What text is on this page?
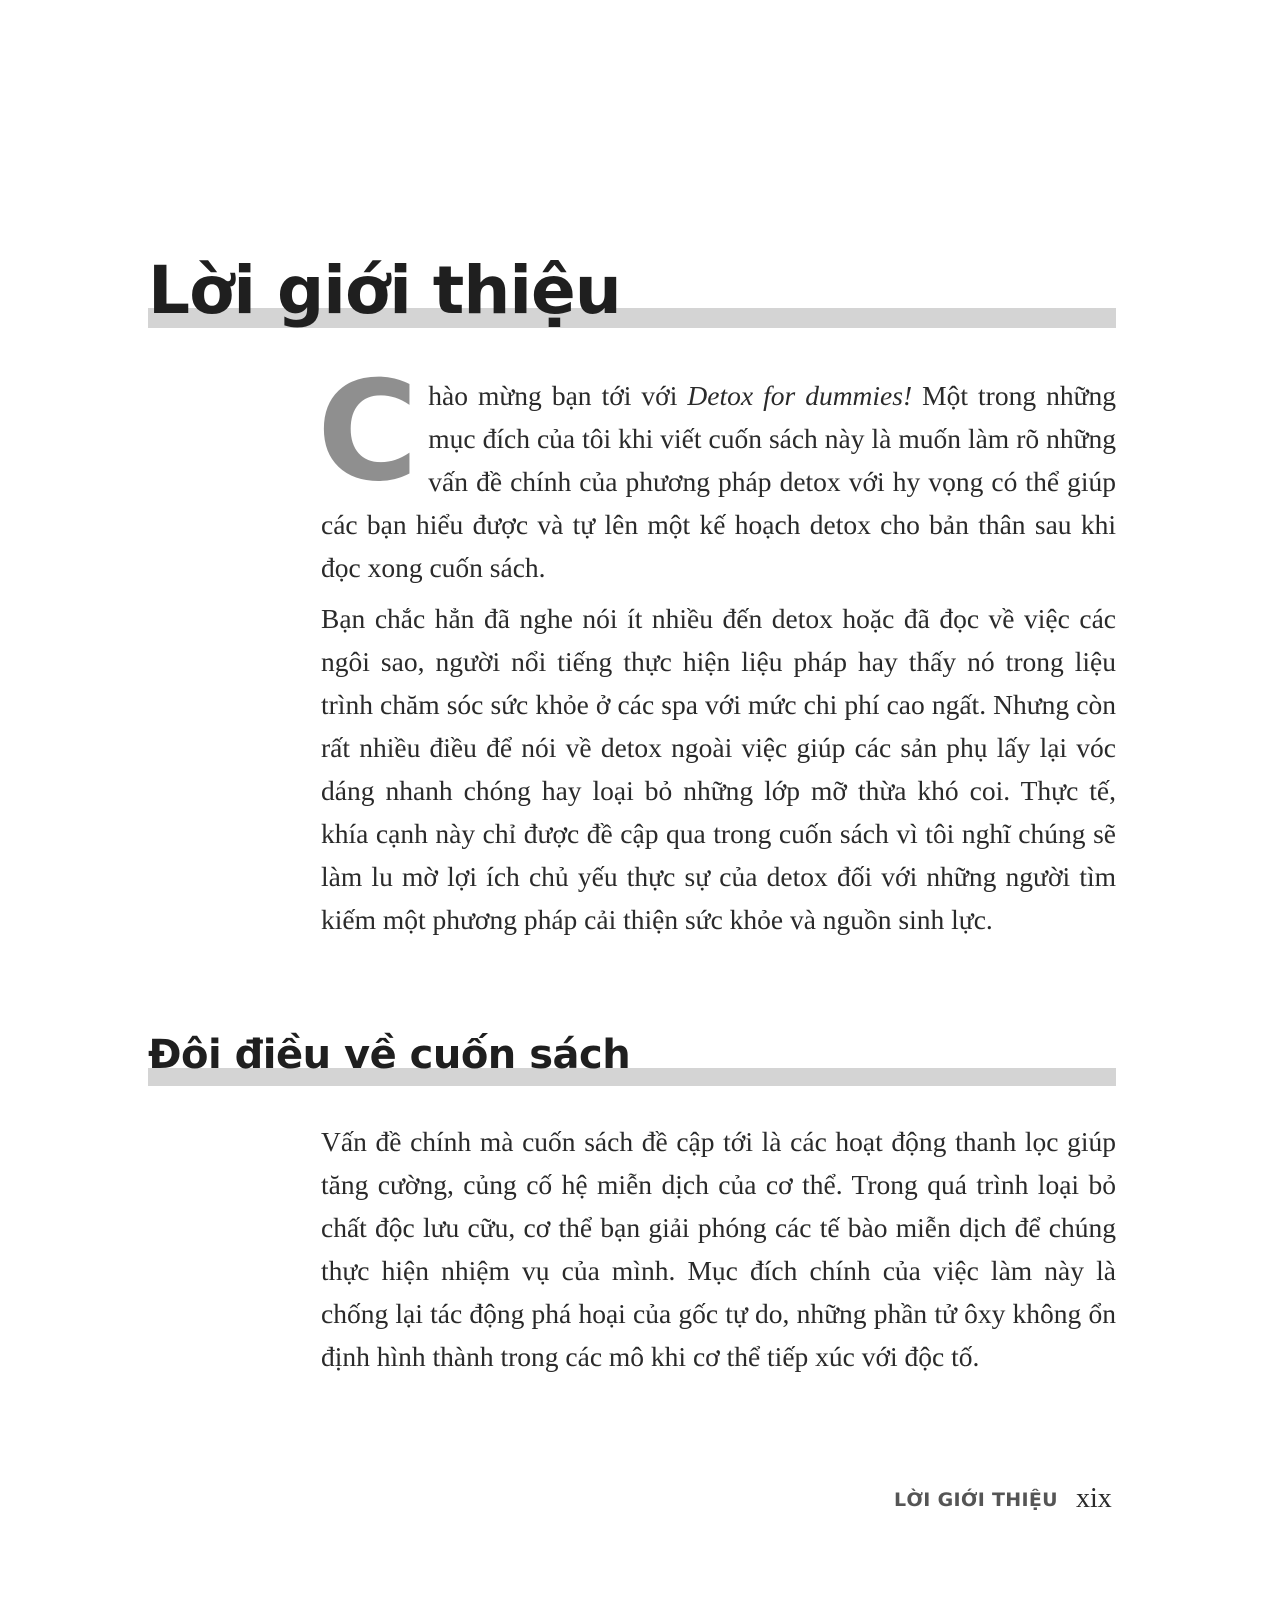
Lời giới thiệu

Chào mừng bạn tới với Detox for dummies! Một trong những mục đích của tôi khi viết cuốn sách này là muốn làm rõ những vấn đề chính của phương pháp detox với hy vọng có thể giúp các bạn hiểu được và tự lên một kế hoạch detox cho bản thân sau khi đọc xong cuốn sách.

Bạn chắc hẳn đã nghe nói ít nhiều đến detox hoặc đã đọc về việc các ngôi sao, người nổi tiếng thực hiện liệu pháp hay thấy nó trong liệu trình chăm sóc sức khỏe ở các spa với mức chi phí cao ngất. Nhưng còn rất nhiều điều để nói về detox ngoài việc giúp các sản phụ lấy lại vóc dáng nhanh chóng hay loại bỏ những lớp mỡ thừa khó coi. Thực tế, khía cạnh này chỉ được đề cập qua trong cuốn sách vì tôi nghĩ chúng sẽ làm lu mờ lợi ích chủ yếu thực sự của detox đối với những người tìm kiếm một phương pháp cải thiện sức khỏe và nguồn sinh lực.

Đôi điều về cuốn sách

Vấn đề chính mà cuốn sách đề cập tới là các hoạt động thanh lọc giúp tăng cường, củng cố hệ miễn dịch của cơ thể. Trong quá trình loại bỏ chất độc lưu cữu, cơ thể bạn giải phóng các tế bào miễn dịch để chúng thực hiện nhiệm vụ của mình. Mục đích chính của việc làm này là chống lại tác động phá hoại của gốc tự do, những phần tử ôxy không ổn định hình thành trong các mô khi cơ thể tiếp xúc với độc tố.

LỜI GIỚI THIỆU xix
